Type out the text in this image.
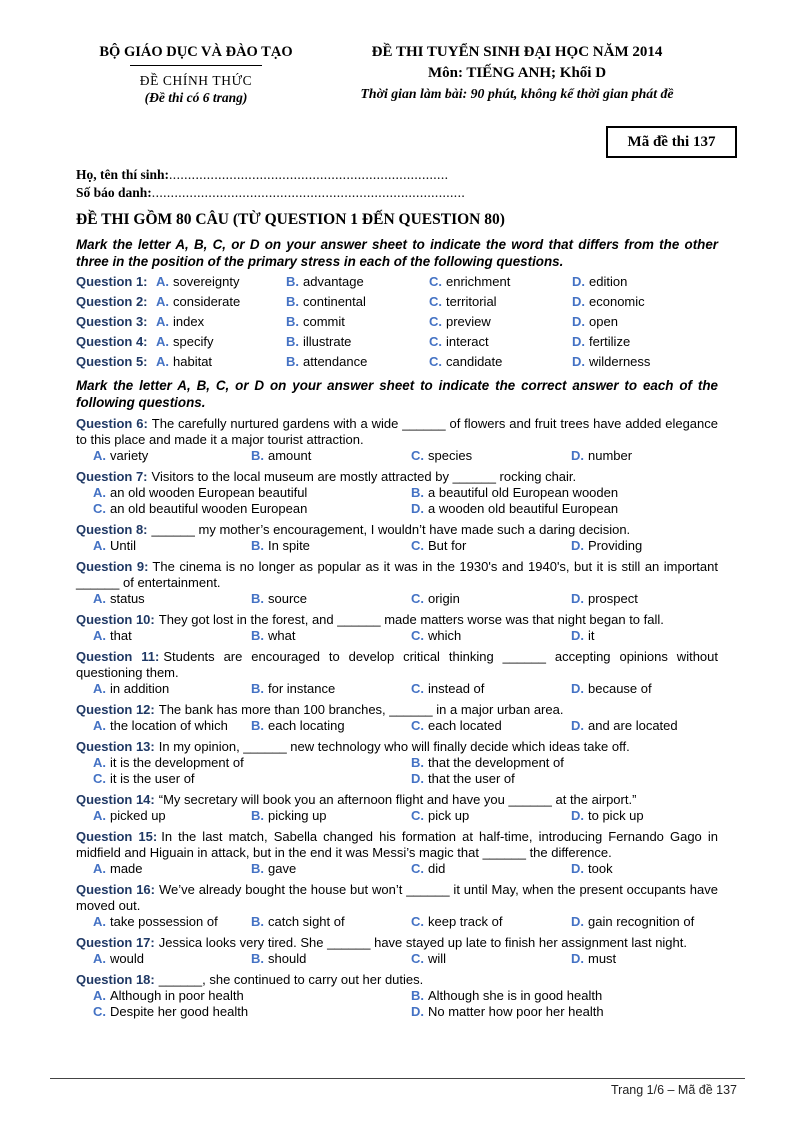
BỘ GIÁO DỤC VÀ ĐÀO TẠO
ĐỀ CHÍNH THỨC
(Đề thi có 6 trang)
ĐỀ THI TUYỂN SINH ĐẠI HỌC NĂM 2014
Môn: TIẾNG ANH; Khối D
Thời gian làm bài: 90 phút, không kể thời gian phát đề
Mã đề thi 137
Họ, tên thí sinh:..........................................................................
Số báo danh:...................................................................................
ĐỀ THI GỒM 80 CÂU (TỪ QUESTION 1 ĐẾN QUESTION 80)

Mark the letter A, B, C, or D on your answer sheet to indicate the word that differs from the other three in the position of the primary stress in each of the following questions.

Question 1: A. sovereignty	B. advantage	C. enrichment	D. edition
Question 2: A. considerate	B. continental	C. territorial	D. economic
Question 3: A. index	B. commit	C. preview	D. open
Question 4: A. specify	B. illustrate	C. interact	D. fertilize
Question 5: A. habitat	B. attendance	C. candidate	D. wilderness

Mark the letter A, B, C, or D on your answer sheet to indicate the correct answer to each of the following questions.

Question 6: The carefully nurtured gardens with a wide ______ of flowers and fruit trees have added elegance to this place and made it a major tourist attraction.

A. variety	B. amount	C. species	D. number

Question 7: Visitors to the local museum are mostly attracted by ______ rocking chair.

A. an old wooden European beautiful	B. a beautiful old European wooden
C. an old beautiful wooden European	D. a wooden old beautiful European

Question 8: ______ my mother’s encouragement, I wouldn’t have made such a daring decision.

A. Until	B. In spite	C. But for	D. Providing

Question 9: The cinema is no longer as popular as it was in the 1930's and 1940's, but it is still an important ______ of entertainment.

A. status	B. source	C. origin	D. prospect

Question 10: They got lost in the forest, and ______ made matters worse was that night began to fall.

A. that	B. what	C. which	D. it

Question 11: Students are encouraged to develop critical thinking ______ accepting opinions without questioning them.

A. in addition	B. for instance	C. instead of	D. because of

Question 12: The bank has more than 100 branches, ______ in a major urban area.

A. the location of which	B. each locating	C. each located	D. and are located

Question 13: In my opinion, ______ new technology who will finally decide which ideas take off.

A. it is the development of	B. that the development of
C. it is the user of	D. that the user of

Question 14: “My secretary will book you an afternoon flight and have you ______ at the airport.”

A. picked up	B. picking up	C. pick up	D. to pick up

Question 15: In the last match, Sabella changed his formation at half-time, introducing Fernando Gago in midfield and Higuain in attack, but in the end it was Messi’s magic that ______ the difference.

A. made	B. gave	C. did	D. took

Question 16: We’ve already bought the house but won’t ______ it until May, when the present occupants have moved out.

A. take possession of	B. catch sight of	C. keep track of	D. gain recognition of

Question 17: Jessica looks very tired. She ______ have stayed up late to finish her assignment last night.

A. would	B. should	C. will	D. must

Question 18: ______, she continued to carry out her duties.

A. Although in poor health	B. Although she is in good health
C. Despite her good health	D. No matter how poor her health
Trang 1/6 – Mã đề 137
